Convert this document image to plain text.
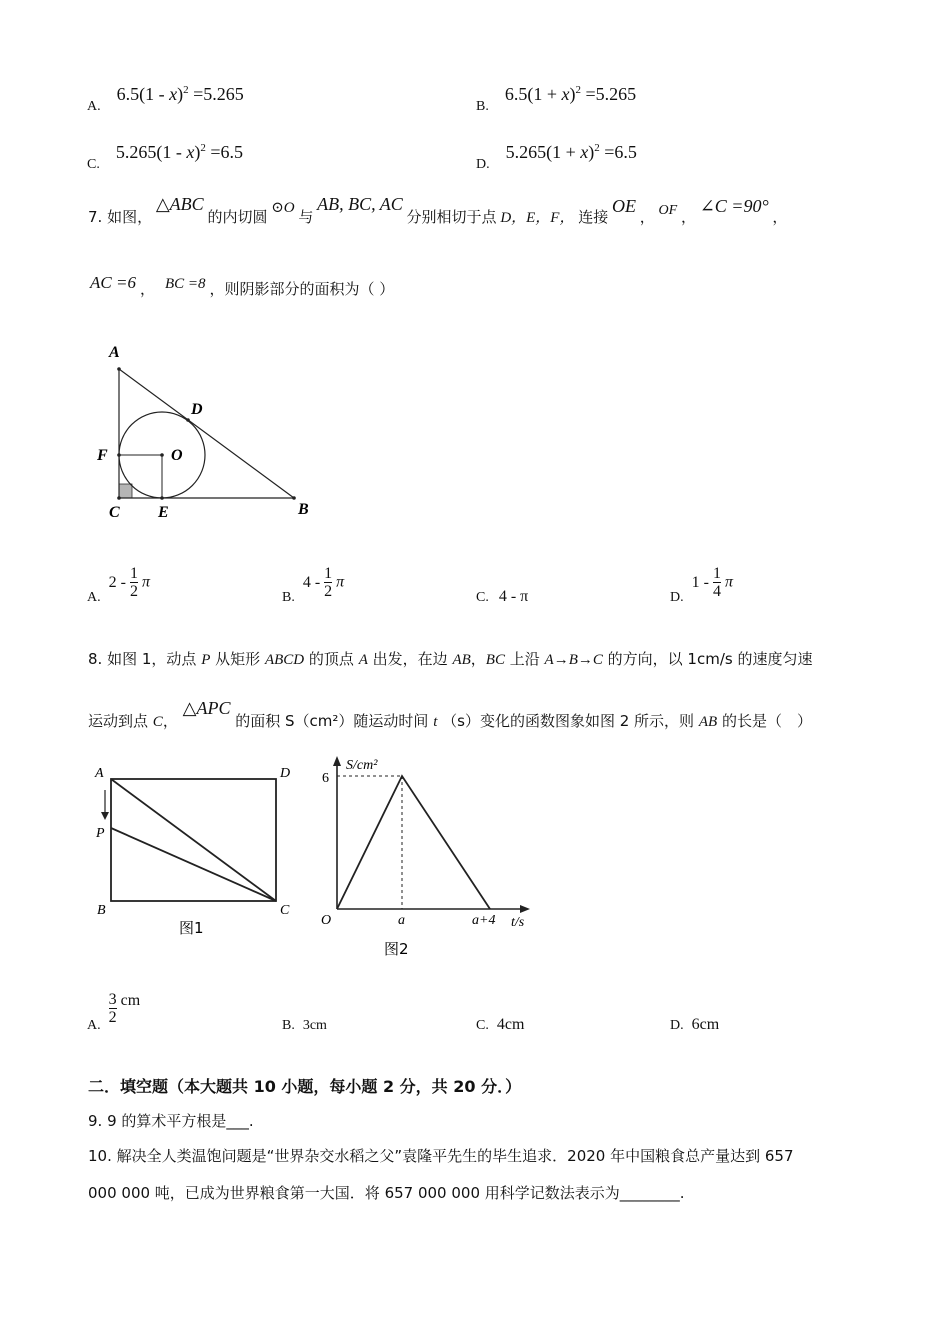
A. 6.5(1 - x)$^2$ =5.265
B. $6.5(1 + x)^2 =5.265$
C. 5.265(1 - x)$^2$ =6.5
D. $5.265(1 + x)^2 =6.5$
7. 如图， △ABC 的内切圆 ⊙O 与 AB, BC, AC 分别相切于点 D，E，F， 连接 OE ， OF ， ∠C =90° ，
AC =6 ， BC =8 ，则阴影部分的面积为（ ）
A
D
F	O
C E	B
A. $2 - \frac{1}{2}$ π
B. $4 - \frac{1}{2}$ π
C. 4 - π	D. $1 - \frac{1}{4}$ π
8. 如图 1，动点 P 从矩形 ABCD 的顶点 A 出发，在边 AB，BC 上沿 A→B→C 的方向，以 1cm/s 的速度匀速
运动到点 C， △APC 的面积 S（cm²）随运动时间 t （s）变化的函数图象如图 2 所示，则 AB 的长是（　）
A	D
P
B	C
图1
S/cm²
6
O	a	a+4 t/s
图2
A. $\frac{3}{2}$ cm
B. 3cm	C. 4cm	D. 6cm
二．填空题（本大题共 10 小题，每小题 2 分，共 20 分．）
9. 9 的算术平方根是___.
10. 解决全人类温饱问题是“世界杂交水稻之父”袁隆平先生的毕生追求．2020 年中国粮食总产量达到 657
000 000 吨，已成为世界粮食第一大国．将 657 000 000 用科学记数法表示为________.
